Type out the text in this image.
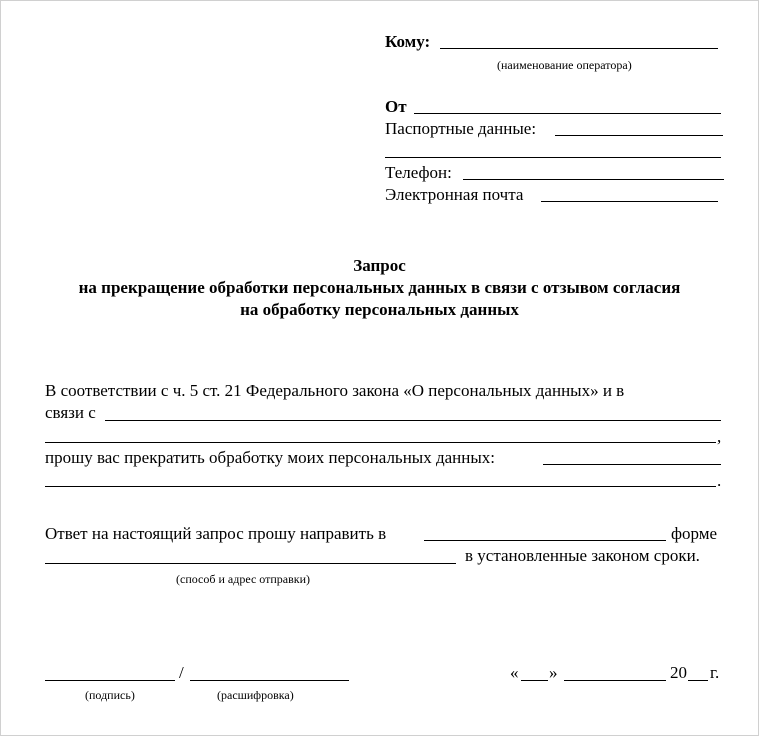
Кому:
(наименование оператора)
От
Паспортные данные:
Телефон:
Электронная почта
Запрос
на прекращение обработки персональных данных в связи с отзывом согласия
на обработку персональных данных
В соответствии с ч. 5 ст. 21 Федерального закона «О персональных данных» и в
связи с
,
прошу вас прекратить обработку моих персональных данных:
.
Ответ на настоящий запрос прошу направить в	форме
в установленные законом сроки.
(способ и адрес отправки)
/
(подпись)	(расшифровка)
« »	20 г.
